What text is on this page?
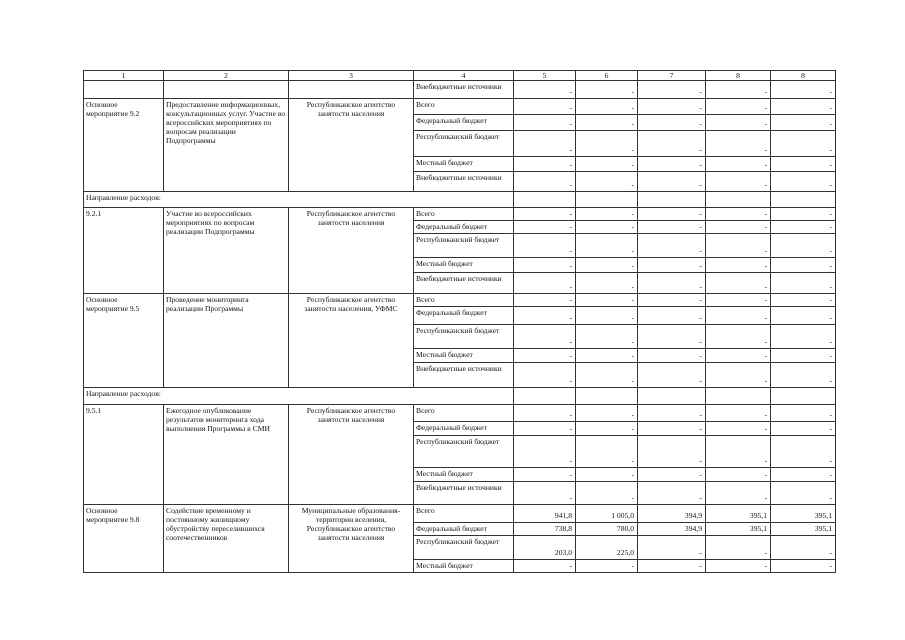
1	2	3	4	5	6	7	8	8
			Внебюджетные источники	-	-	-	-	-
Основное мероприятие 9.2	Предоставление информационных, консультационных услуг. Участие во всероссийских мероприятиях по вопросам реализации Подпрограммы	Республиканское агентство занятости населения	Всего	-	-	-	-	-
			Федеральный бюджет	-	-	-	-	-
			Республиканский бюджет	-	-	-	-	-
			Местный бюджет	-	-	-	-	-
			Внебюджетные источники	-	-	-	-	-
Направление расходов:								
9.2.1	Участие во всероссийских мероприятиях по вопросам реализации Подпрограммы	Республиканское агентство занятости населения	Всего	-	-	-	-	-
			Федеральный бюджет	-	-	-	-	-
			Республиканский бюджет	-	-	-	-	-
			Местный бюджет	-	-	-	-	-
			Внебюджетные источники	-	-	-	-	-
Основное мероприятие 9.5	Проведение мониторинга реализации Программы	Республиканское агентство занятости населения, УФМС	Всего	-	-	-	-	-
			Федеральный бюджет	-	-	-	-	-
			Республиканский бюджет	-	-	-	-	-
			Местный бюджет	-	-	-	-	-
			Внебюджетные источники	-	-	-	-	-
Направление расходов:								
9.5.1	Ежегодное опубликование результатов мониторинга хода выполнения Программы в СМИ	Республиканское агентство занятости населения	Всего	-	-	-	-	-
			Федеральный бюджет	-	-	-	-	-
			Республиканский бюджет	-	-	-	-	-
			Местный бюджет	-	-	-	-	-
			Внебюджетные источники	-	-	-	-	-
Основное мероприятие 9.8	Содействие временному и постоянному жилищному обустройству переселившихся соотечественников	Муниципальные образования-территории вселения, Республиканское агентство занятости населения	Всего	941,8	1 005,0	394,9	395,1	395,1
			Федеральный бюджет	738,8	780,0	394,9	395,1	395,1
			Республиканский бюджет	203,0	225,0	-	-	-
			Местный бюджет	-	-	-	-	-
